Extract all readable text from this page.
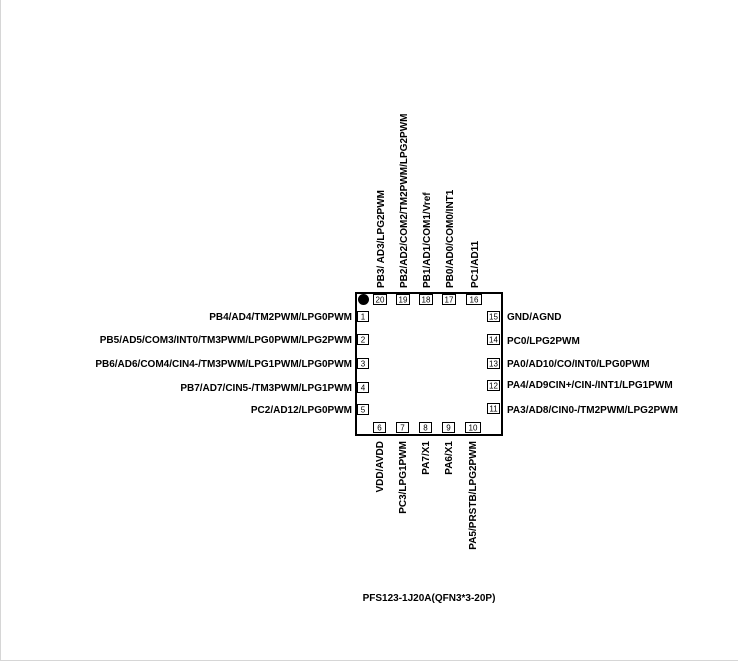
1
PB4/AD4/TM2PWM/LPG0PWM
2
PB5/AD5/COM3/INT0/TM3PWM/LPG0PWM/LPG2PWM
3
PB6/AD6/COM4/CIN4-/TM3PWM/LPG1PWM/LPG0PWM
4
PB7/AD7/CIN5-/TM3PWM/LPG1PWM
5
PC2/AD12/LPG0PWM
15 GND/AGND
14 PC0/LPG2PWM
13 PA0/AD10/CO/INT0/LPG0PWM
12 PA4/AD9CIN+/CIN-/INT1/LPG1PWM
11 PA3/AD8/CIN0-/TM2PWM/LPG2PWM
20
PB3/ AD3/LPG2PWM
19
PB2/AD2/COM2/TM2PWM/LPG2PWM
18
PB1/AD1/COM1/Vref
17
PB0/AD0/COM0/INT1
16
PC1/AD11
6
VDD/AVDD
7
PC3/LPG1PWM
8
PA7/X1
9
PA6/X1
10
PA5/PRSTB/LPG2PWM
PFS123-1J20A(QFN3*3-20P)
